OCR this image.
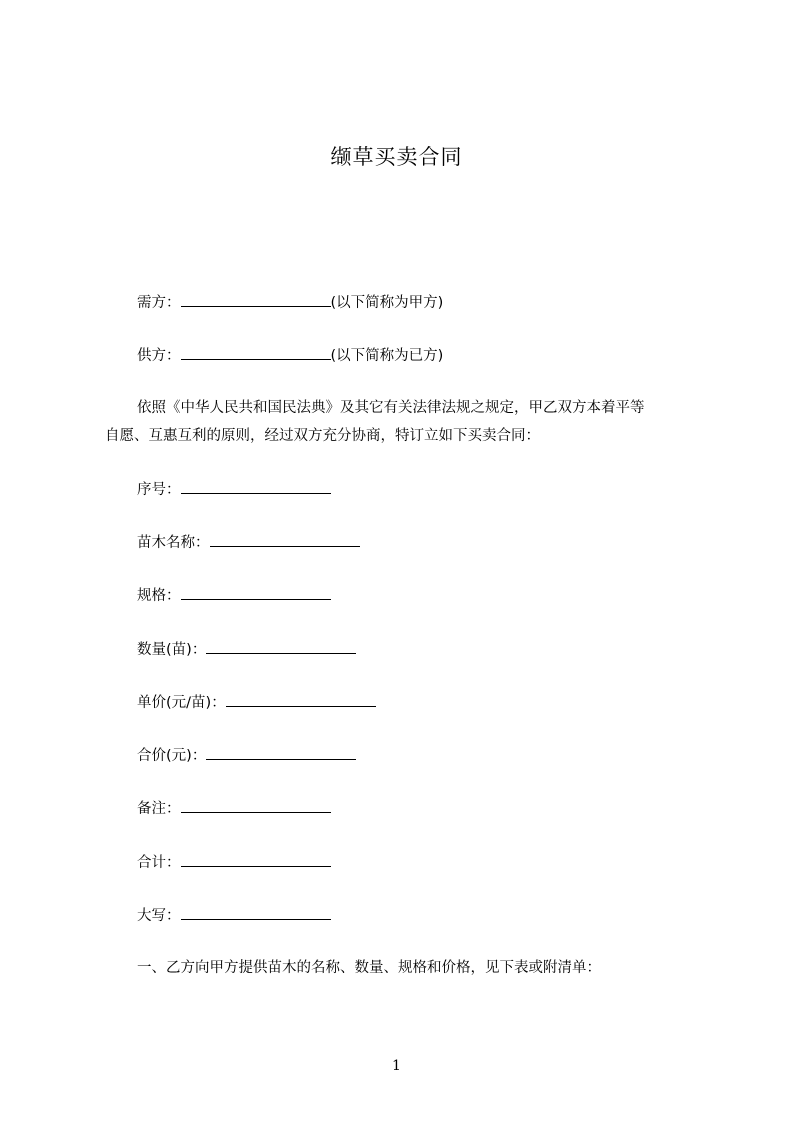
缬草买卖合同
需方：	(以下简称为甲方)
供方：	(以下简称为已方)
依照《中华人民共和国民法典》及其它有关法律法规之规定，甲乙双方本着平等
自愿、互惠互利的原则，经过双方充分协商，特订立如下买卖合同：
序号：
苗木名称：
规格：
数量(苗)：
单价(元/苗)：
合价(元)：
备注：
合计：
大写：
一、乙方向甲方提供苗木的名称、数量、规格和价格，见下表或附清单：
1
